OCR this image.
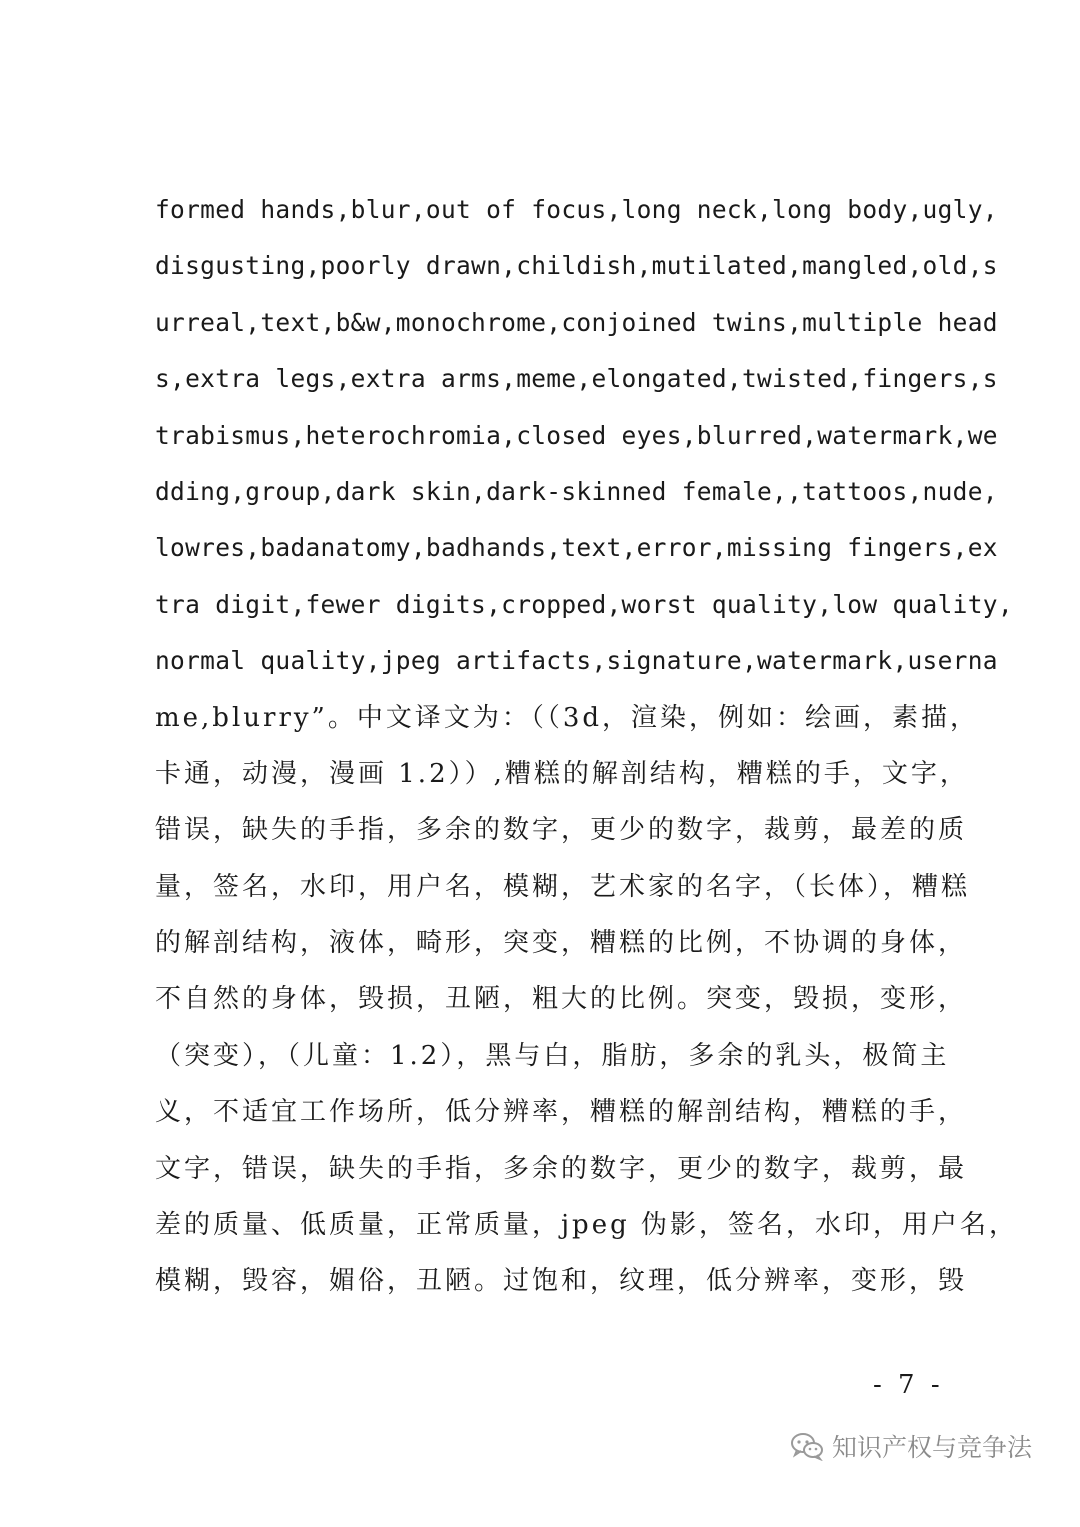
formed hands,blur,out of focus,long neck,long body,ugly,
disgusting,poorly drawn,childish,mutilated,mangled,old,s
urreal,text,b&w,monochrome,conjoined twins,multiple head
s,extra legs,extra arms,meme,elongated,twisted,fingers,s
trabismus,heterochromia,closed eyes,blurred,watermark,we
dding,group,dark skin,dark-skinned female,,tattoos,nude,
lowres,badanatomy,badhands,text,error,missing fingers,ex
tra digit,fewer digits,cropped,worst quality,low quality,
normal quality,jpeg artifacts,signature,watermark,userna
me,blurry”。中文译文为：（（3d，渲染，例如：绘画，素描，
卡通，动漫，漫画 1.2））,糟糕的解剖结构，糟糕的手，文字，
错误，缺失的手指，多余的数字，更少的数字，裁剪，最差的质
量，签名，水印，用户名，模糊，艺术家的名字，（长体），糟糕
的解剖结构，液体，畸形，突变，糟糕的比例，不协调的身体，
不自然的身体，毁损，丑陋，粗大的比例。突变，毁损，变形，
（突变），（儿童：1.2），黑与白，脂肪，多余的乳头，极简主
义，不适宜工作场所，低分辨率，糟糕的解剖结构，糟糕的手，
文字，错误，缺失的手指，多余的数字，更少的数字，裁剪，最
差的质量、低质量，正常质量，jpeg 伪影，签名，水印，用户名，
模糊，毁容，媚俗，丑陋。过饱和，纹理，低分辨率，变形，毁
- 7 -
知识产权与竞争法
